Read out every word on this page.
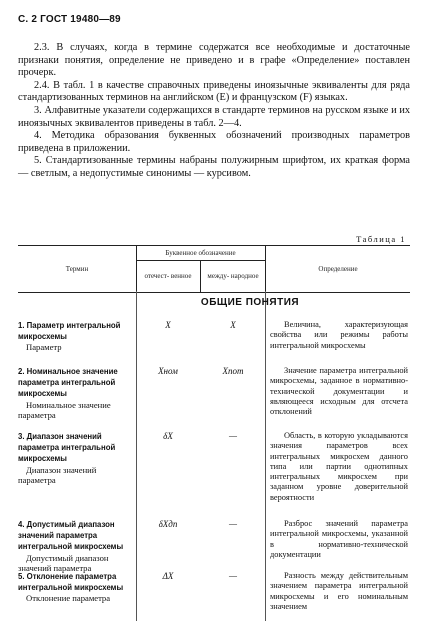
С. 2 ГОСТ 19480—89

2.3. В случаях, когда в термине содержатся все необходимые и достаточные признаки понятия, определение не приведено и в графе «Определение» поставлен прочерк.

2.4. В табл. 1 в качестве справочных приведены иноязычные эквиваленты для ряда стандартизованных терминов на английском (Е) и французском (F) языках.

3. Алфавитные указатели содержащихся в стандарте терминов на русском языке и их иноязычных эквивалентов приведены в табл. 2—4.

4. Методика образования буквенных обозначений производных параметров приведена в приложении.

5. Стандартизованные термины набраны полужирным шрифтом, их краткая форма — светлым, а недопустимые синонимы — курсивом.

Таблица 1
Термин
Буквенное обозначение
отечест- венное	между- народное
Определение
ОБЩИЕ ПОНЯТИЯ
1. Параметр интегральной микросхемы
Параметр
X	X	Величина, характеризующая свойства или режимы работы интегральной микросхемы
2. Номинальное значение параметра интегральной микросхемы
Номинальное значение параметра
Xном	Xnom	Значение параметра интегральной микросхемы, заданное в нормативно-технической документации и являющееся исходным для отсчета отклонений
3. Диапазон значений параметра интегральной микросхемы
Диапазон значений параметра
δX	—	Область, в которую укладываются значения параметров всех интегральных микросхем данного типа или партии однотипных интегральных микросхем при заданном уровне доверительной вероятности
4. Допустимый диапазон значений параметра интегральной микросхемы
Допустимый диапазон значений параметра
δXдп	—	Разброс значений параметра интегральной микросхемы, указанной в нормативно-технической документации
5. Отклонение параметра интегральной микросхемы
Отклонение параметра
ΔX	—	Разность между действительным значением параметра интегральной микросхемы и его номинальным значением
